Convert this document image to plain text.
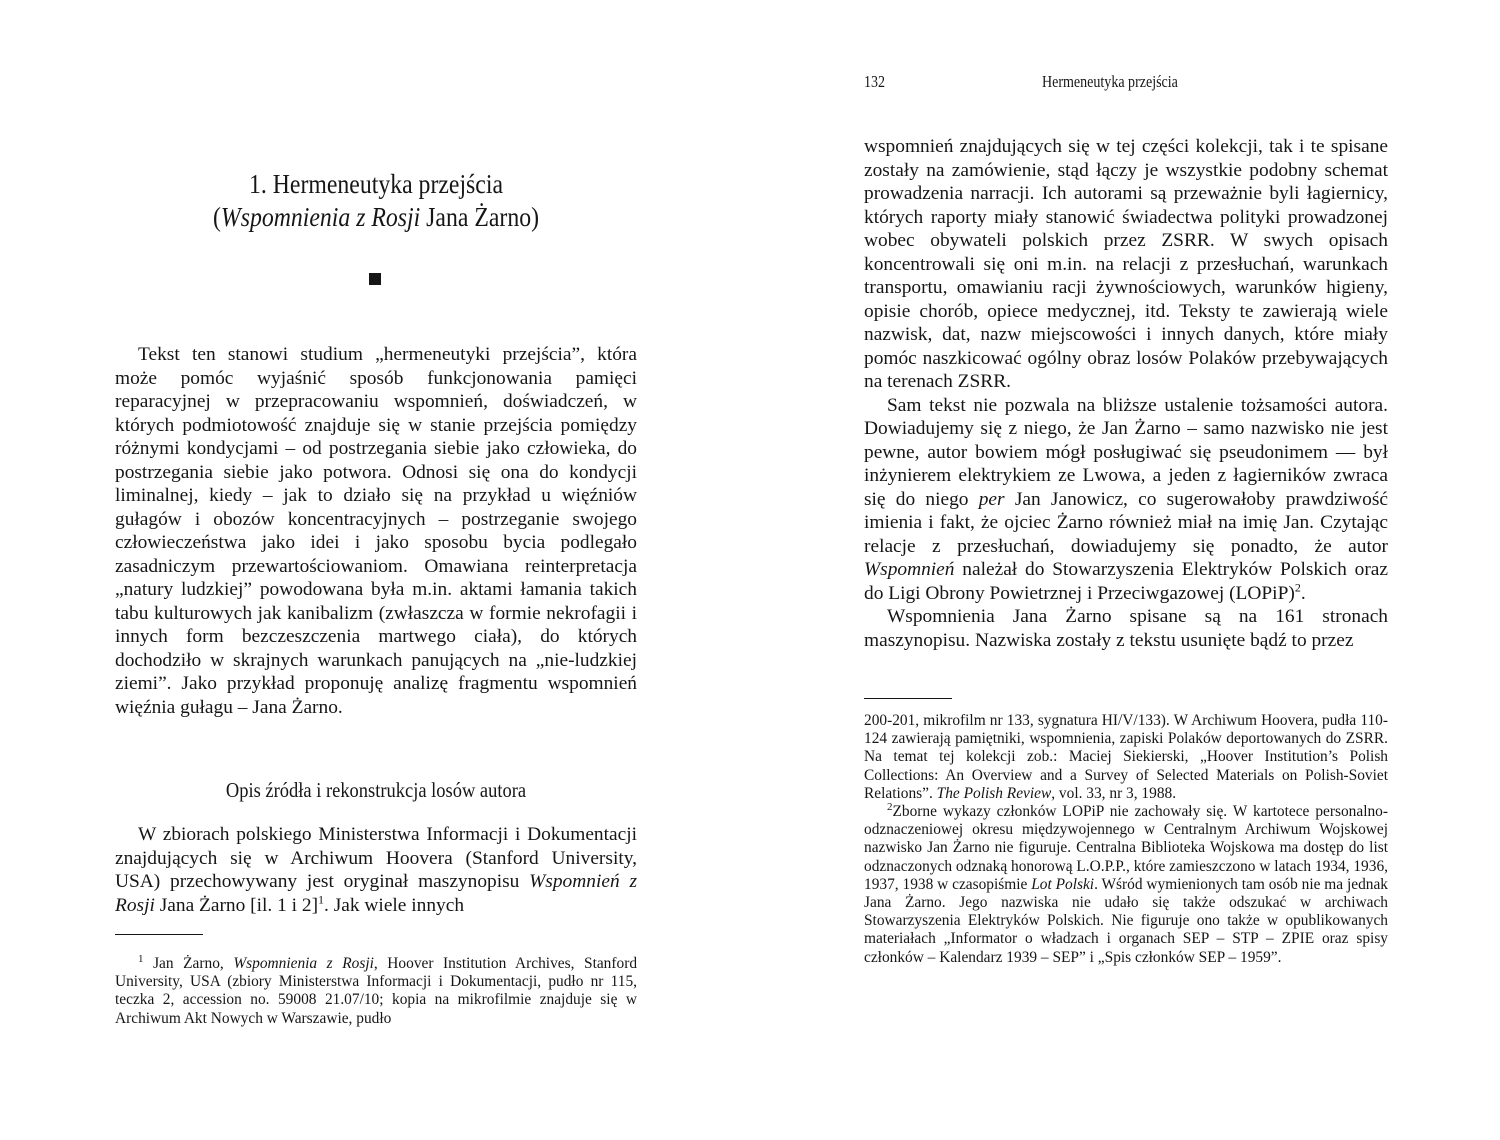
1. Hermeneutyka przejścia
(Wspomnienia z Rosji Jana Żarno)

Tekst ten stanowi studium „hermeneutyki przejścia”, która może pomóc wyjaśnić sposób funkcjonowania pamięci reparacyjnej w przepracowaniu wspomnień, doświadczeń, w których podmiotowość znajduje się w stanie przejścia pomiędzy różnymi kondycjami – od postrzegania siebie jako człowieka, do postrzegania siebie jako potwora. Odnosi się ona do kondycji liminalnej, kiedy – jak to działo się na przykład u więźniów gułagów i obozów koncentracyjnych – postrzeganie swojego człowieczeństwa jako idei i jako sposobu bycia podlegało zasadniczym przewartościowaniom. Omawiana reinterpretacja „natury ludzkiej” powodowana była m.in. aktami łamania takich tabu kulturowych jak kanibalizm (zwłaszcza w formie nekrofagii i innych form bezczeszczenia martwego ciała), do których dochodziło w skrajnych warunkach panujących na „nie-ludzkiej ziemi”. Jako przykład proponuję analizę fragmentu wspomnień więźnia gułagu – Jana Żarno.

Opis źródła i rekonstrukcja losów autora

W zbiorach polskiego Ministerstwa Informacji i Dokumentacji znajdujących się w Archiwum Hoovera (Stanford University, USA) przechowywany jest oryginał maszynopisu Wspomnień z Rosji Jana Żarno [il. 1 i 2]$^1$. Jak wiele innych

$^1$ Jan Żarno, Wspomnienia z Rosji, Hoover Institution Archives, Stanford University, USA (zbiory Ministerstwa Informacji i Dokumentacji, pudło nr 115, teczka 2, accession no. 59008 21.07/10; kopia na mikrofilmie znajduje się w Archiwum Akt Nowych w Warszawie, pudło

132	Hermeneutyka przejścia

wspomnień znajdujących się w tej części kolekcji, tak i te spisane zostały na zamówienie, stąd łączy je wszystkie podobny schemat prowadzenia narracji. Ich autorami są przeważnie byli łagiernicy, których raporty miały stanowić świadectwa polityki prowadzonej wobec obywateli polskich przez ZSRR. W swych opisach koncentrowali się oni m.in. na relacji z przesłuchań, warunkach transportu, omawianiu racji żywnościowych, warunków higieny, opisie chorób, opiece medycznej, itd. Teksty te zawierają wiele nazwisk, dat, nazw miejscowości i innych danych, które miały pomóc naszkicować ogólny obraz losów Polaków przebywających na terenach ZSRR.

Sam tekst nie pozwala na bliższe ustalenie tożsamości autora. Dowiadujemy się z niego, że Jan Żarno – samo nazwisko nie jest pewne, autor bowiem mógł posługiwać się pseudonimem — był inżynierem elektrykiem ze Lwowa, a jeden z łagierników zwraca się do niego per Jan Janowicz, co sugerowałoby prawdziwość imienia i fakt, że ojciec Żarno również miał na imię Jan. Czytając relacje z przesłuchań, dowiadujemy się ponadto, że autor Wspomnień należał do Stowarzyszenia Elektryków Polskich oraz do Ligi Obrony Powietrznej i Przeciwgazowej (LOPiP)$^2$.

Wspomnienia Jana Żarno spisane są na 161 stronach maszynopisu. Nazwiska zostały z tekstu usunięte bądź to przez

200-201, mikrofilm nr 133, sygnatura HI/V/133). W Archiwum Hoovera, pudła 110-124 zawierają pamiętniki, wspomnienia, zapiski Polaków deportowanych do ZSRR. Na temat tej kolekcji zob.: Maciej Siekierski, „Hoover Institution’s Polish Collections: An Overview and a Survey of Selected Materials on Polish-Soviet Relations”. The Polish Review, vol. 33, nr 3, 1988.

$^2$Zborne wykazy członków LOPiP nie zachowały się. W kartotece personalno-odznaczeniowej okresu międzywojennego w Centralnym Archiwum Wojskowej nazwisko Jan Żarno nie figuruje. Centralna Biblioteka Wojskowa ma dostęp do list odznaczonych odznaką honorową L.O.P.P., które zamieszczono w latach 1934, 1936, 1937, 1938 w czasopiśmie Lot Polski. Wśród wymienionych tam osób nie ma jednak Jana Żarno. Jego nazwiska nie udało się także odszukać w archiwach Stowarzyszenia Elektryków Polskich. Nie figuruje ono także w opublikowanych materiałach „Informator o władzach i organach SEP – STP – ZPIE oraz spisy członków – Kalendarz 1939 – SEP” i „Spis członków SEP – 1959”.
